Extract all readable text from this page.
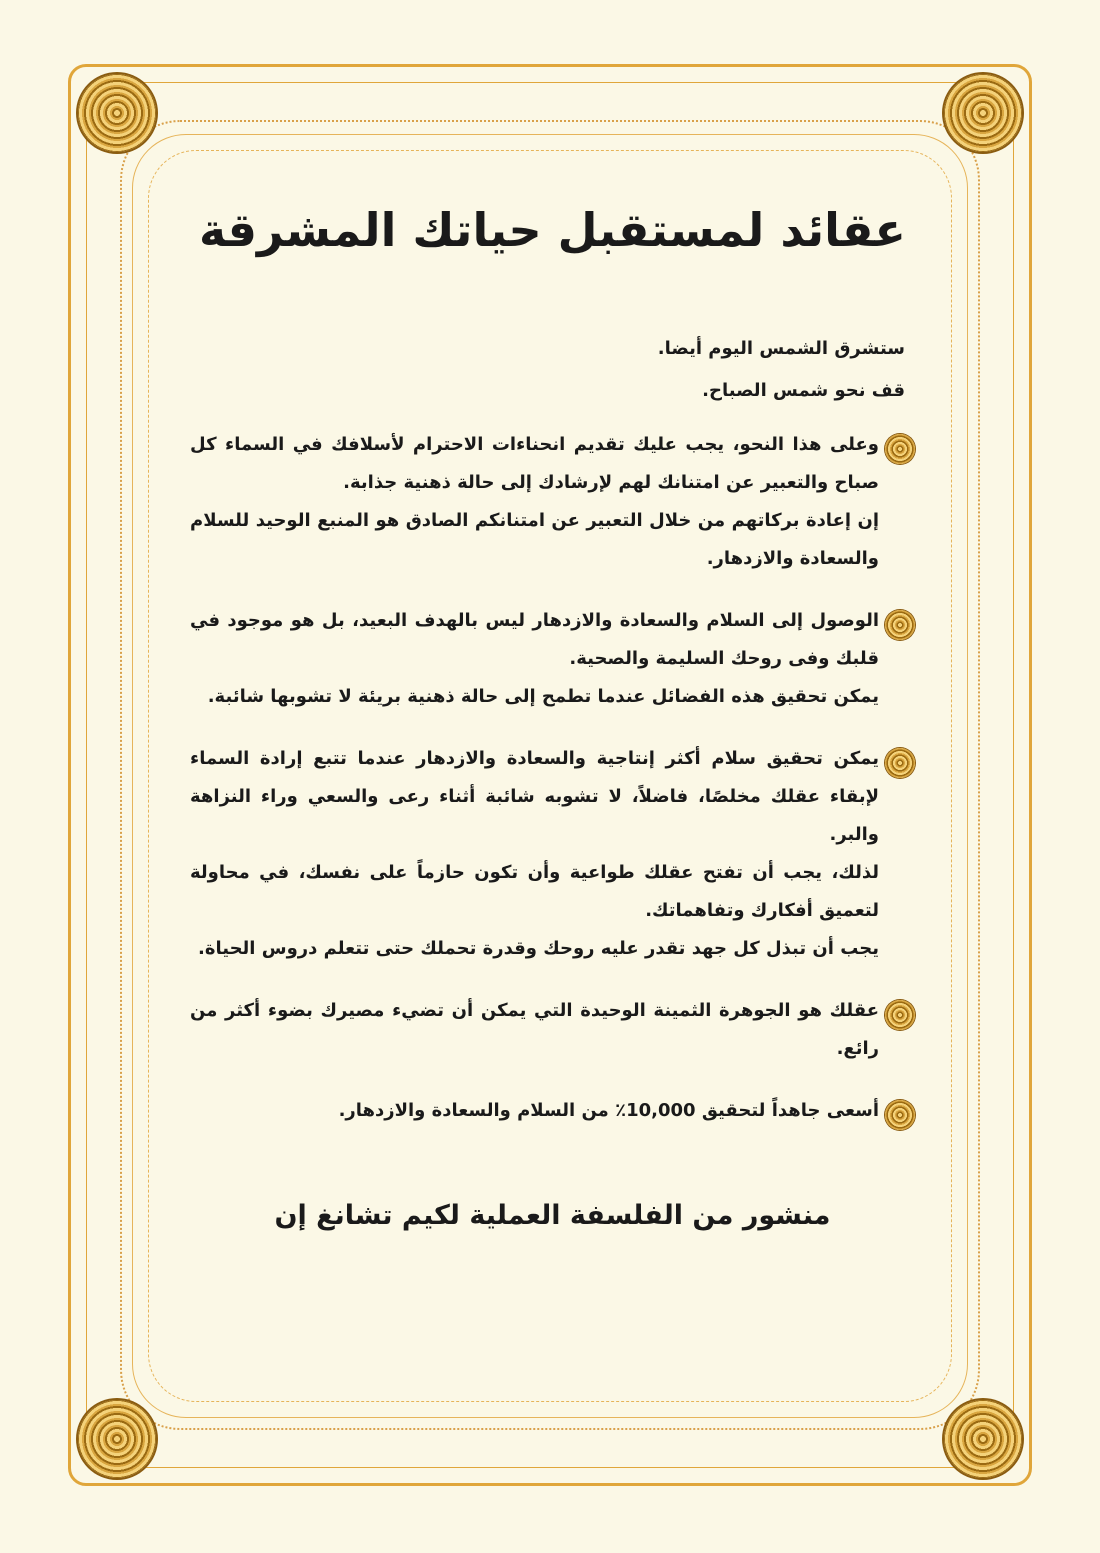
عقائد لمستقبل حياتك المشرقة

ستشرق الشمس اليوم أيضا.

قف نحو شمس الصباح.

وعلى هذا النحو، يجب عليك تقديم انحناءات الاحترام لأسلافك في السماء كل صباح والتعبير عن امتنانك لهم لإرشادك إلى حالة ذهنية جذابة.

إن إعادة بركاتهم من خلال التعبير عن امتنانكم الصادق هو المنبع الوحيد للسلام والسعادة والازدهار.

الوصول إلى السلام والسعادة والازدهار ليس بالهدف البعيد، بل هو موجود في قلبك وفى روحك السليمة والصحية.

يمكن تحقيق هذه الفضائل عندما تطمح إلى حالة ذهنية بريئة لا تشوبها شائبة.

يمكن تحقيق سلام أكثر إنتاجية والسعادة والازدهار عندما تتبع إرادة السماء لإبقاء عقلك مخلصًا، فاضلاً، لا تشوبه شائبة أثناء رعى والسعي وراء النزاهة والبر.

لذلك، يجب أن تفتح عقلك طواعية وأن تكون حازماً على نفسك، في محاولة لتعميق أفكارك وتفاهماتك.

يجب أن تبذل كل جهد تقدر عليه روحك وقدرة تحملك حتى تتعلم دروس الحياة.

عقلك هو الجوهرة الثمينة الوحيدة التي يمكن أن تضيء مصيرك بضوء أكثر من رائع.

أسعى جاهداً لتحقيق 10,000٪ من السلام والسعادة والازدهار.

منشور من الفلسفة العملية لكيم تشانغ إن
